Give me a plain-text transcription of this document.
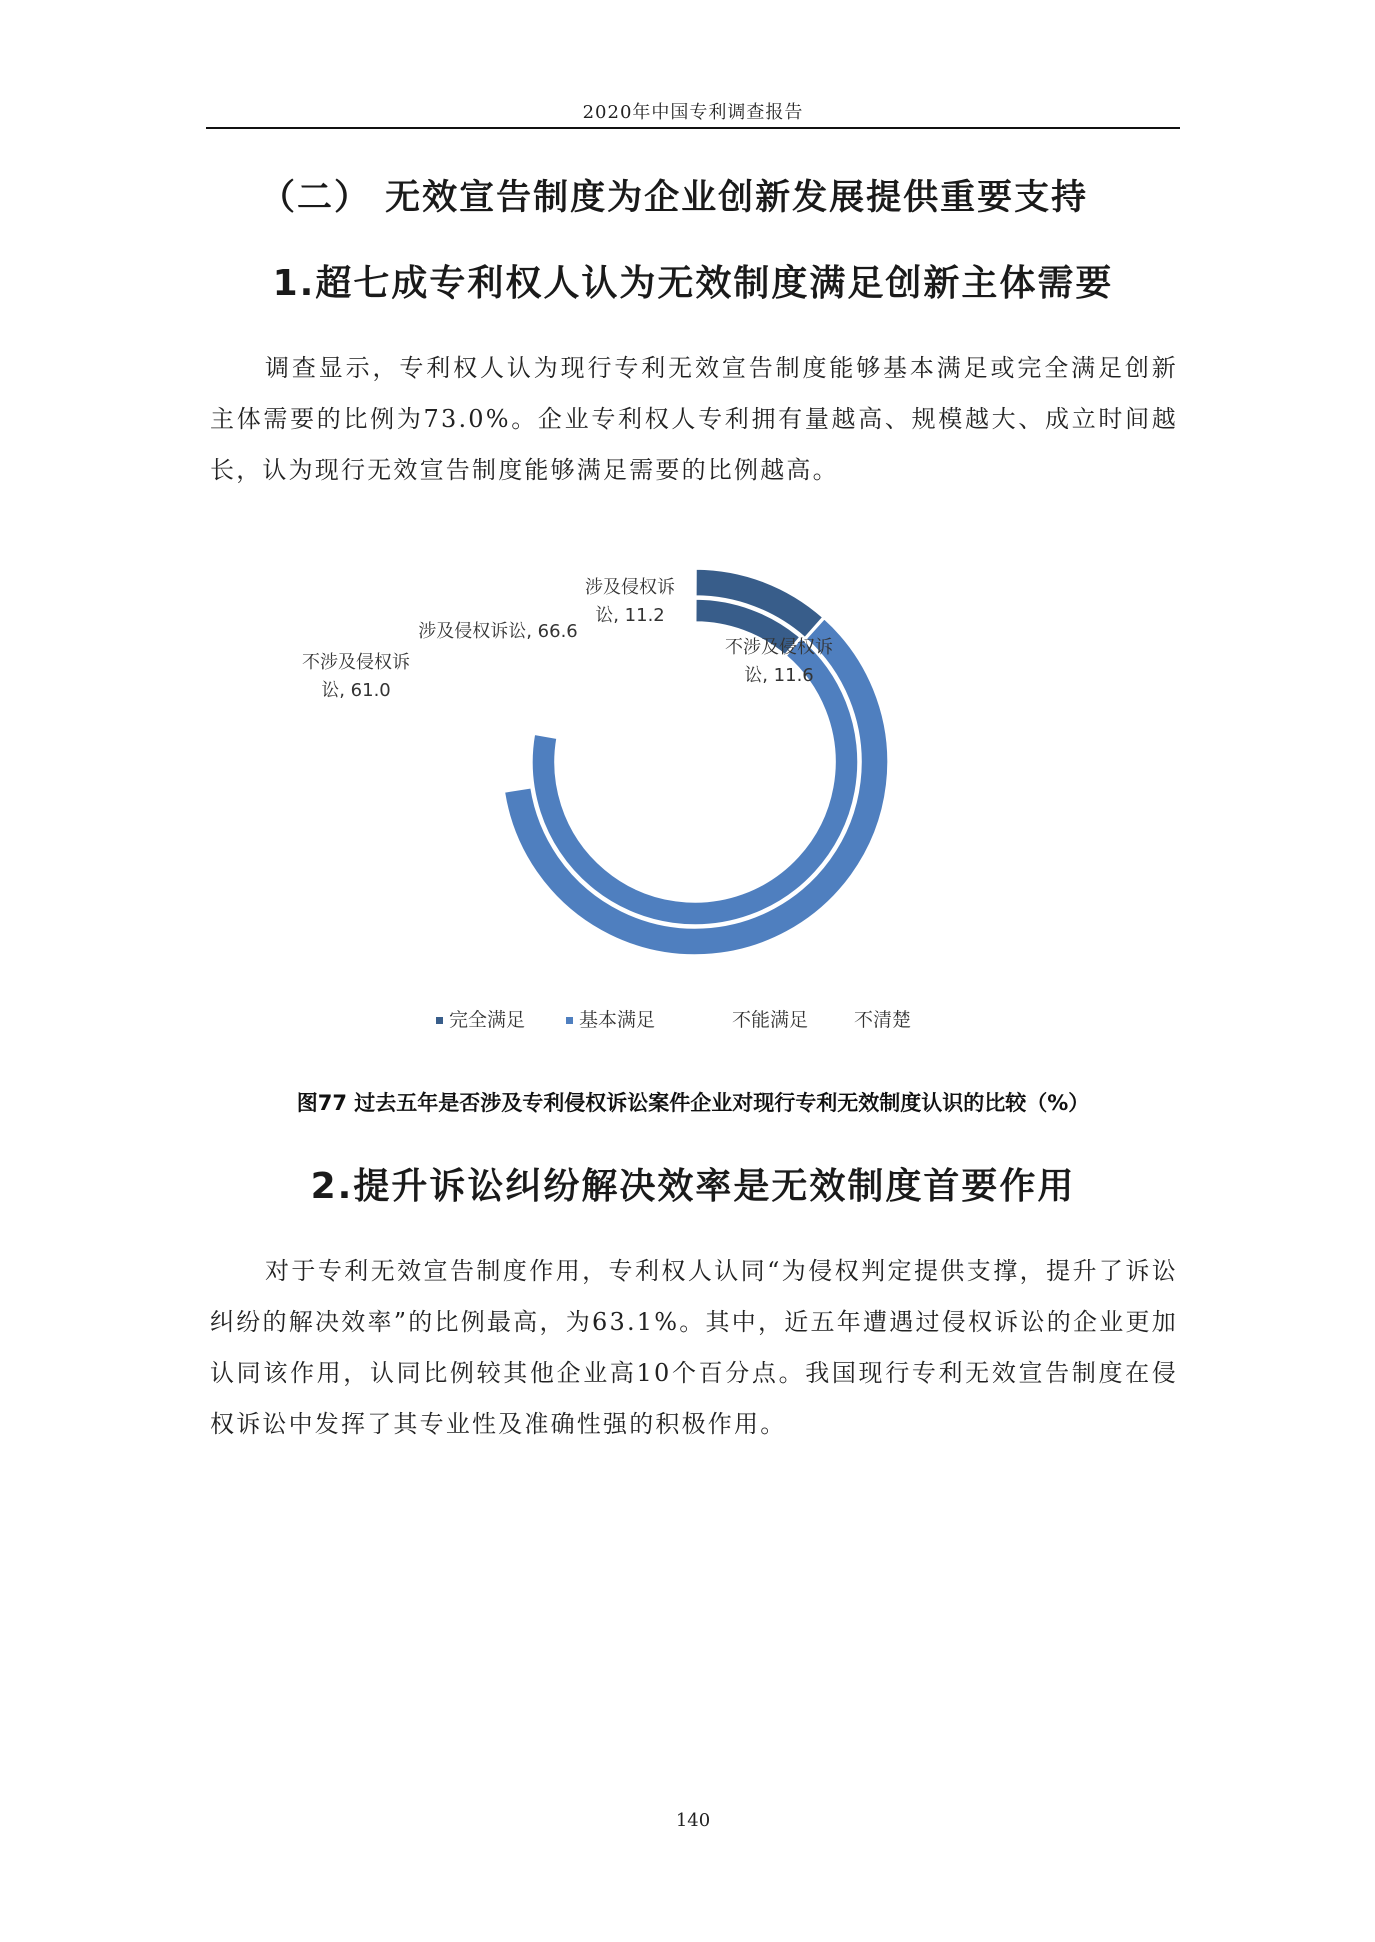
2020年中国专利调查报告
（二） 无效宣告制度为企业创新发展提供重要支持
1.超七成专利权人认为无效制度满足创新主体需要
调查显示，专利权人认为现行专利无效宣告制度能够基本满足或完全满足创新主体需要的比例为73.0%。企业专利权人专利拥有量越高、规模越大、成立时间越长，认为现行无效宣告制度能够满足需要的比例越高。
不涉及侵权诉讼, 61.0
涉及侵权诉讼, 66.6
涉及侵权诉讼, 11.2
不涉及侵权诉讼, 11.6
完全满足	基本满足	不能满足	不清楚
图77 过去五年是否涉及专利侵权诉讼案件企业对现行专利无效制度认识的比较（%）
2.提升诉讼纠纷解决效率是无效制度首要作用
对于专利无效宣告制度作用，专利权人认同“为侵权判定提供支撑，提升了诉讼纠纷的解决效率”的比例最高，为63.1%。其中，近五年遭遇过侵权诉讼的企业更加认同该作用，认同比例较其他企业高10个百分点。我国现行专利无效宣告制度在侵权诉讼中发挥了其专业性及准确性强的积极作用。
140
